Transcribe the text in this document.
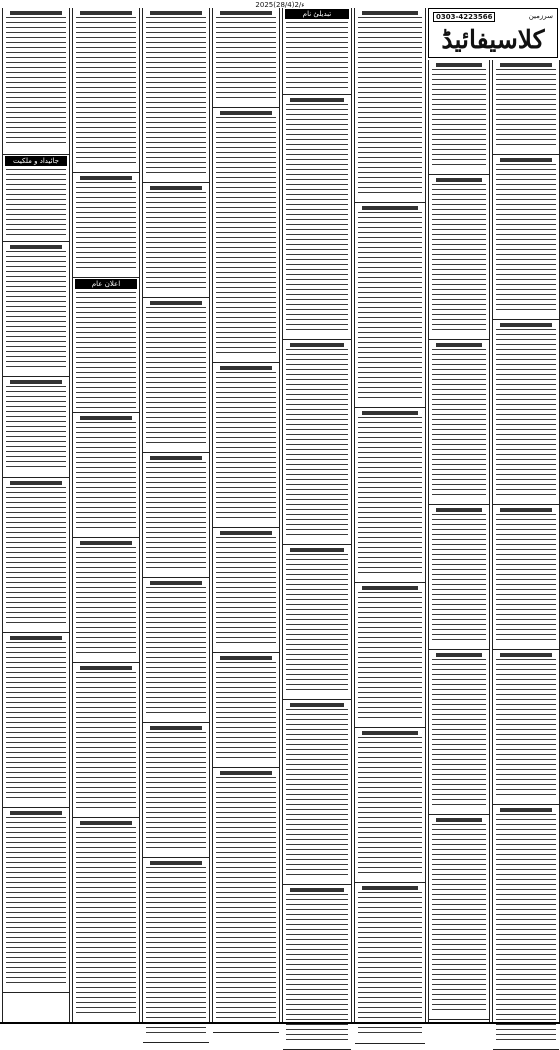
2025ء/2(28/4)
جائیداد و ملکیت
اعلان عام
تبدیلیٔ نام	0303-4223566	سرزمین
کلاسیفائیڈ
